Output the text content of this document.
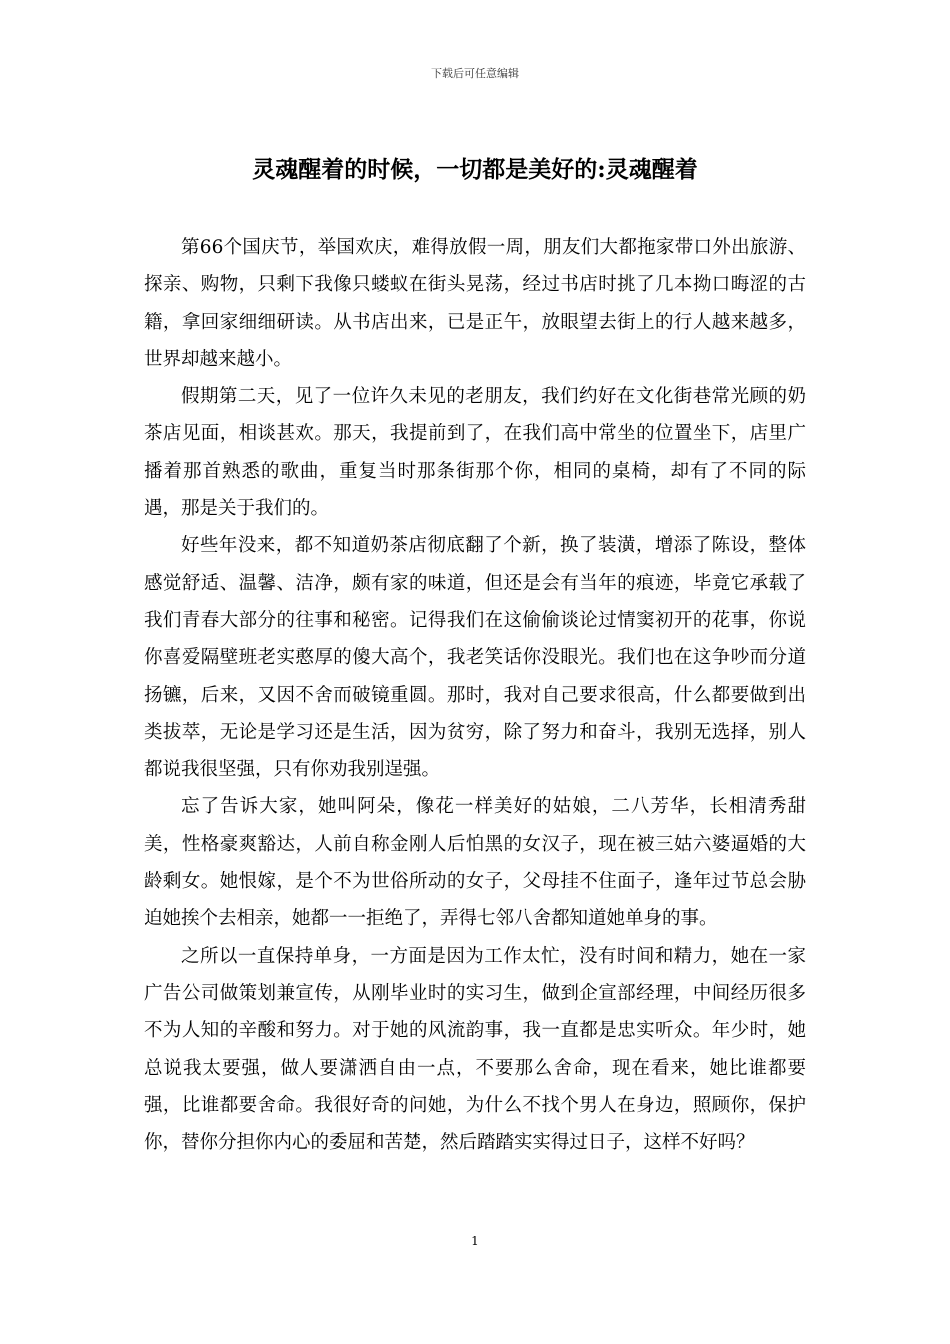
下载后可任意编辑
灵魂醒着的时候，一切都是美好的:灵魂醒着

第66个国庆节，举国欢庆，难得放假一周，朋友们大都拖家带口外出旅游、探亲、购物，只剩下我像只蝼蚁在街头晃荡，经过书店时挑了几本拗口晦涩的古籍，拿回家细细研读。从书店出来，已是正午，放眼望去街上的行人越来越多，世界却越来越小。

假期第二天，见了一位许久未见的老朋友，我们约好在文化街巷常光顾的奶茶店见面，相谈甚欢。那天，我提前到了，在我们高中常坐的位置坐下，店里广播着那首熟悉的歌曲，重复当时那条街那个你，相同的桌椅，却有了不同的际遇，那是关于我们的。

好些年没来，都不知道奶茶店彻底翻了个新，换了装潢，增添了陈设，整体感觉舒适、温馨、洁净，颇有家的味道，但还是会有当年的痕迹，毕竟它承载了我们青春大部分的往事和秘密。记得我们在这偷偷谈论过情窦初开的花事，你说你喜爱隔壁班老实憨厚的傻大高个，我老笑话你没眼光。我们也在这争吵而分道扬镳，后来，又因不舍而破镜重圆。那时，我对自己要求很高，什么都要做到出类拔萃，无论是学习还是生活，因为贫穷，除了努力和奋斗，我别无选择，别人都说我很坚强，只有你劝我别逞强。

忘了告诉大家，她叫阿朵，像花一样美好的姑娘，二八芳华，长相清秀甜美，性格豪爽豁达，人前自称金刚人后怕黑的女汉子，现在被三姑六婆逼婚的大龄剩女。她恨嫁，是个不为世俗所动的女子，父母挂不住面子，逢年过节总会胁迫她挨个去相亲，她都一一拒绝了，弄得七邻八舍都知道她单身的事。

之所以一直保持单身，一方面是因为工作太忙，没有时间和精力，她在一家广告公司做策划兼宣传，从刚毕业时的实习生，做到企宣部经理，中间经历很多不为人知的辛酸和努力。对于她的风流韵事，我一直都是忠实听众。年少时，她总说我太要强，做人要潇洒自由一点，不要那么舍命，现在看来，她比谁都要强，比谁都要舍命。我很好奇的问她，为什么不找个男人在身边，照顾你，保护你，替你分担你内心的委屈和苦楚，然后踏踏实实得过日子，这样不好吗？

1
